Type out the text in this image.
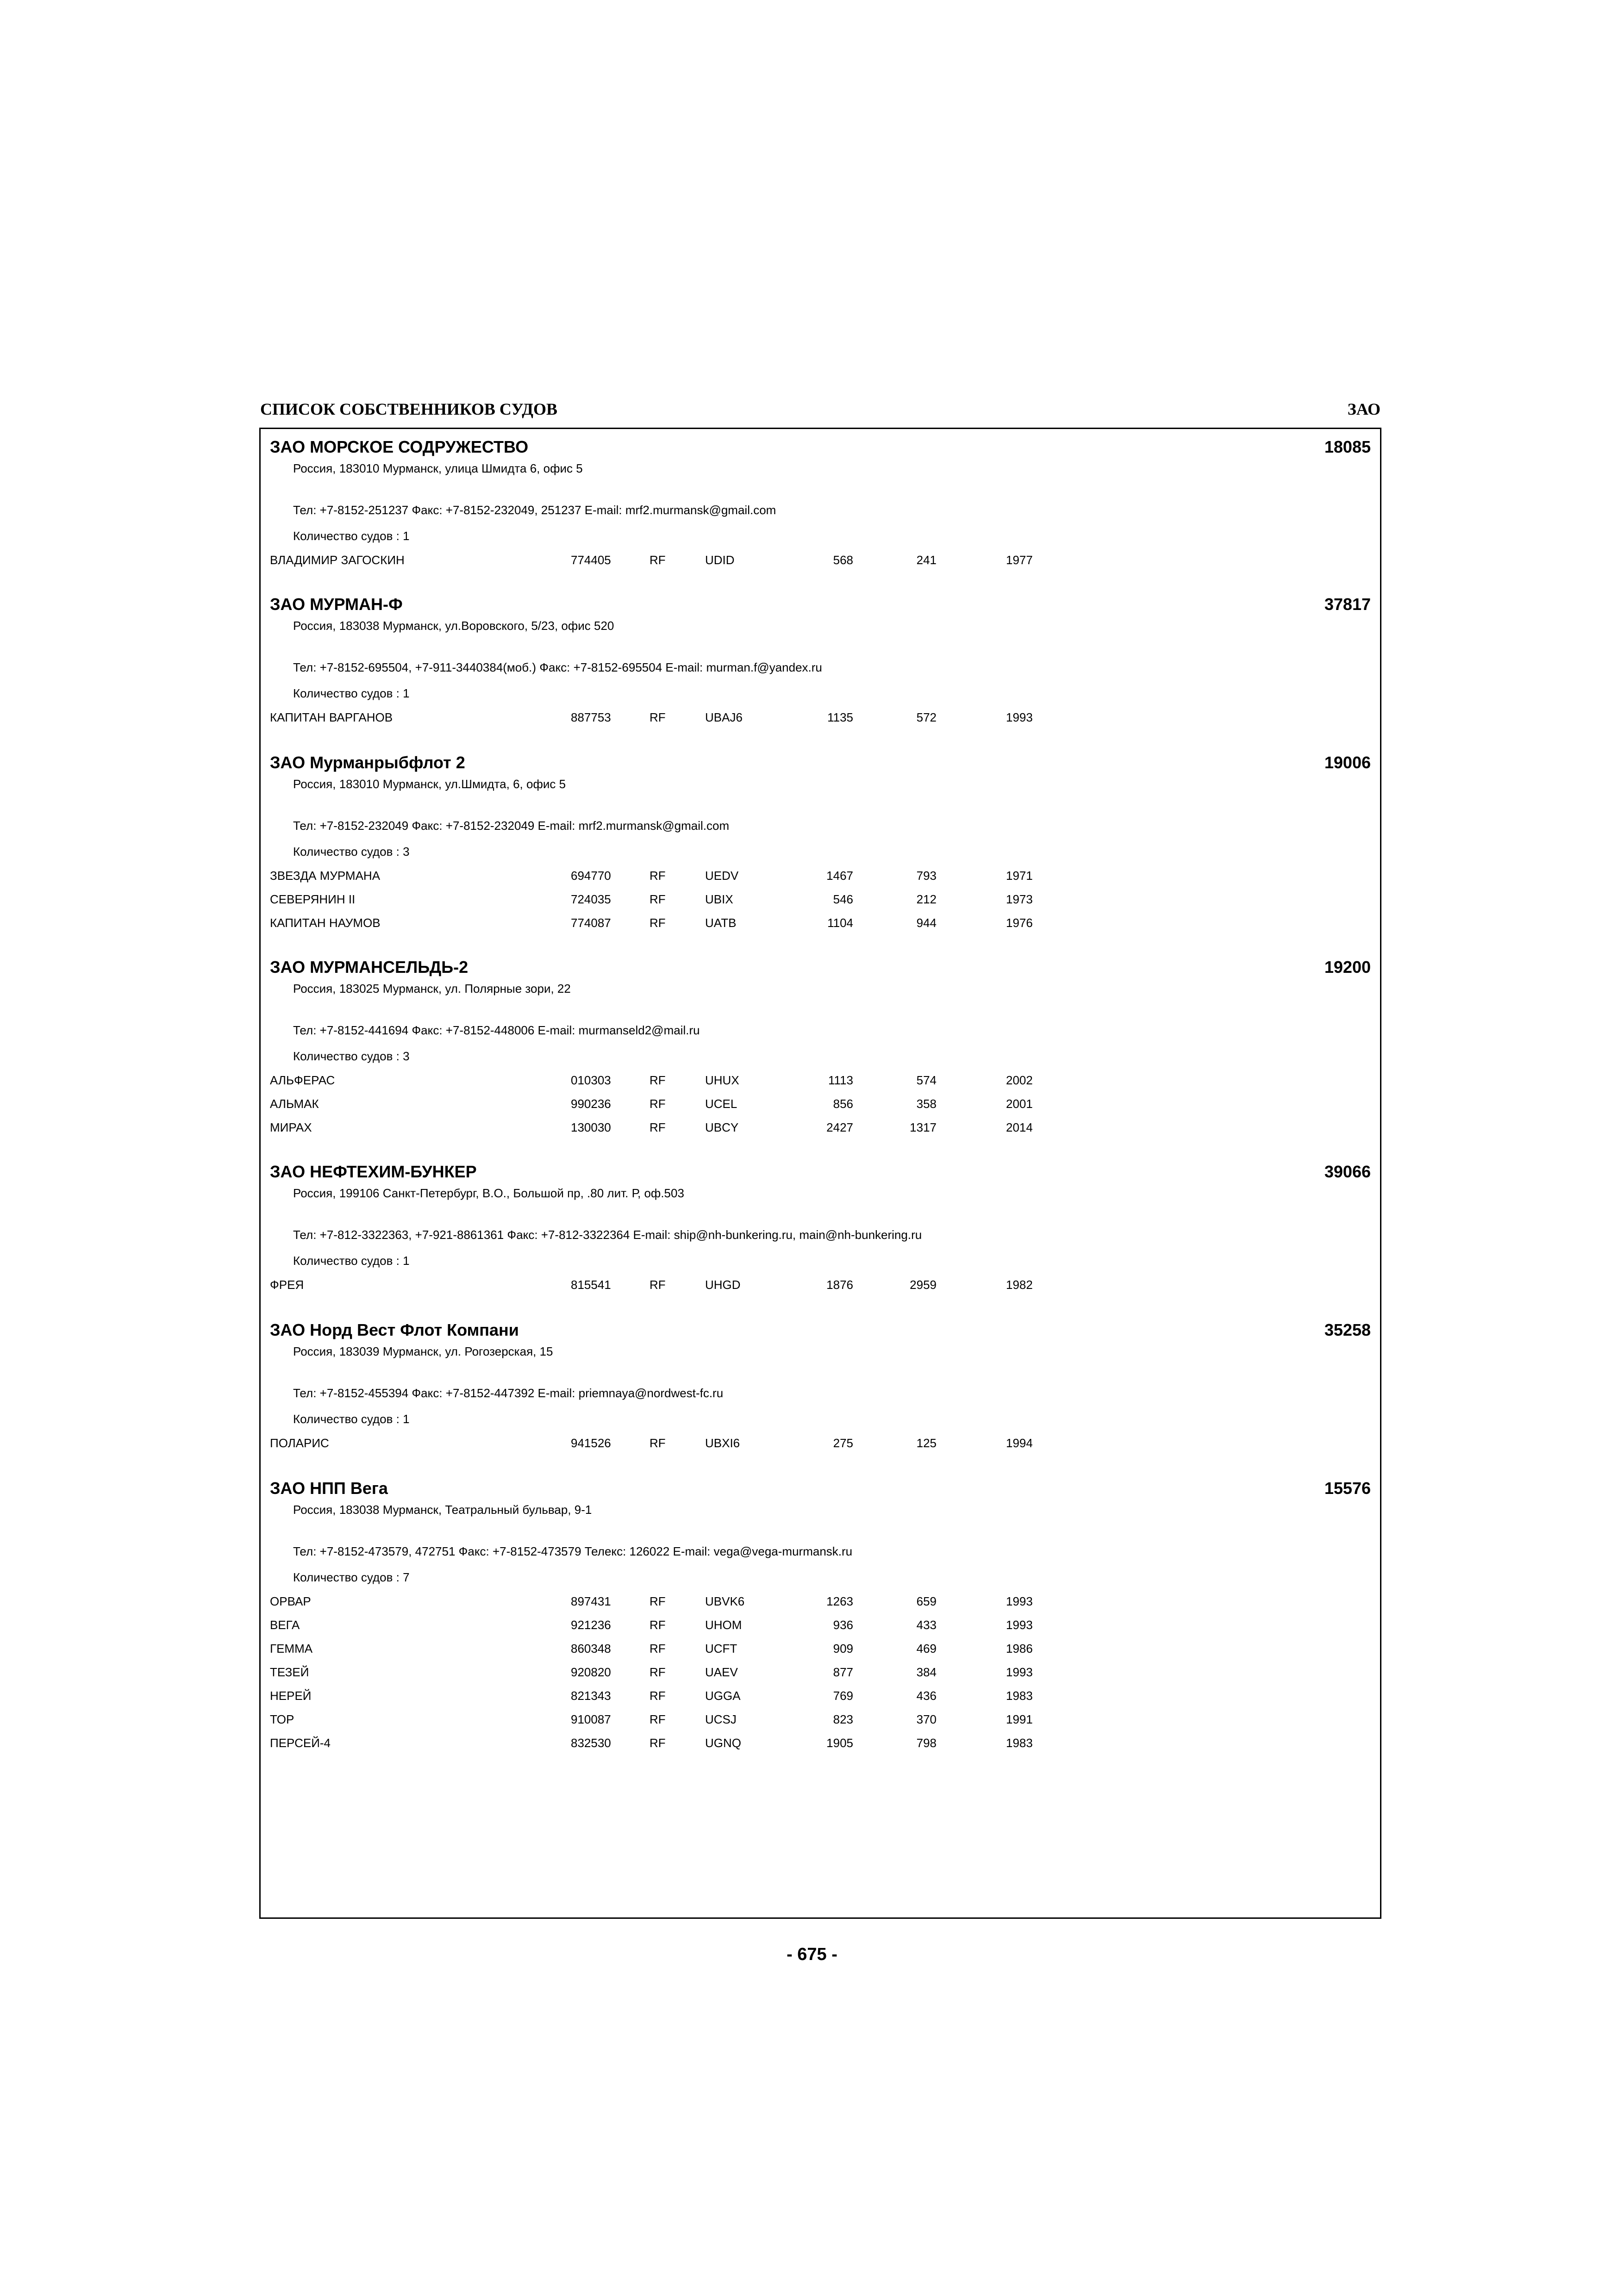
СПИСОК СОБСТВЕННИКОВ СУДОВ	ЗАО
ЗАО МОРСКОЕ СОДРУЖЕСТВО	18085
Россия, 183010 Мурманск, улица Шмидта 6, офис 5
Тел: +7-8152-251237 Факс: +7-8152-232049, 251237 E-mail: mrf2.murmansk@gmail.com
Количество судов : 1
ВЛАДИМИР ЗАГОСКИН	774405	RF	UDID	568	241	1977
ЗАО МУРМАН-Ф	37817
Россия, 183038 Мурманск, ул.Воровского, 5/23, офис 520
Тел: +7-8152-695504, +7-911-3440384(моб.) Факс: +7-8152-695504 E-mail: murman.f@yandex.ru
Количество судов : 1
КАПИТАН ВАРГАНОВ	887753	RF	UBAJ6	1135	572	1993
ЗАО Мурманрыбфлот 2	19006
Россия, 183010 Мурманск, ул.Шмидта, 6, офис 5
Тел: +7-8152-232049 Факс: +7-8152-232049 E-mail: mrf2.murmansk@gmail.com
Количество судов : 3
ЗВЕЗДА МУРМАНА	694770	RF	UEDV	1467	793	1971
СЕВЕРЯНИН II	724035	RF	UBIX	546	212	1973
КАПИТАН НАУМОВ	774087	RF	UATB	1104	944	1976
ЗАО МУРМАНСЕЛЬДЬ-2	19200
Россия, 183025 Мурманск, ул. Полярные зори, 22
Тел: +7-8152-441694 Факс: +7-8152-448006 E-mail: murmanseld2@mail.ru
Количество судов : 3
АЛЬФЕРАС	010303	RF	UHUX	1113	574	2002
АЛЬМАК	990236	RF	UCEL	856	358	2001
МИРАХ	130030	RF	UBCY	2427	1317	2014
ЗАО НЕФТЕХИМ-БУНКЕР	39066
Россия, 199106 Санкт-Петербург, В.О., Большой пр, .80 лит. Р, оф.503
Тел: +7-812-3322363, +7-921-8861361 Факс: +7-812-3322364 E-mail: ship@nh-bunkering.ru, main@nh-bunkering.ru
Количество судов : 1
ФРЕЯ	815541	RF	UHGD	1876	2959	1982
ЗАО Норд Вест Флот Компани	35258
Россия, 183039 Мурманск, ул. Рогозерская, 15
Тел: +7-8152-455394 Факс: +7-8152-447392 E-mail: priemnaya@nordwest-fc.ru
Количество судов : 1
ПОЛАРИС	941526	RF	UBXI6	275	125	1994
ЗАО НПП Вега	15576
Россия, 183038 Мурманск, Театральный бульвар, 9-1
Тел: +7-8152-473579, 472751 Факс: +7-8152-473579 Телекс: 126022 E-mail: vega@vega-murmansk.ru
Количество судов : 7
ОРВАР	897431	RF	UBVK6	1263	659	1993
ВЕГА	921236	RF	UHOM	936	433	1993
ГЕММА	860348	RF	UCFT	909	469	1986
ТЕЗЕЙ	920820	RF	UAEV	877	384	1993
НЕРЕЙ	821343	RF	UGGA	769	436	1983
ТОР	910087	RF	UCSJ	823	370	1991
ПЕРСЕЙ-4	832530	RF	UGNQ	1905	798	1983
- 675 -
